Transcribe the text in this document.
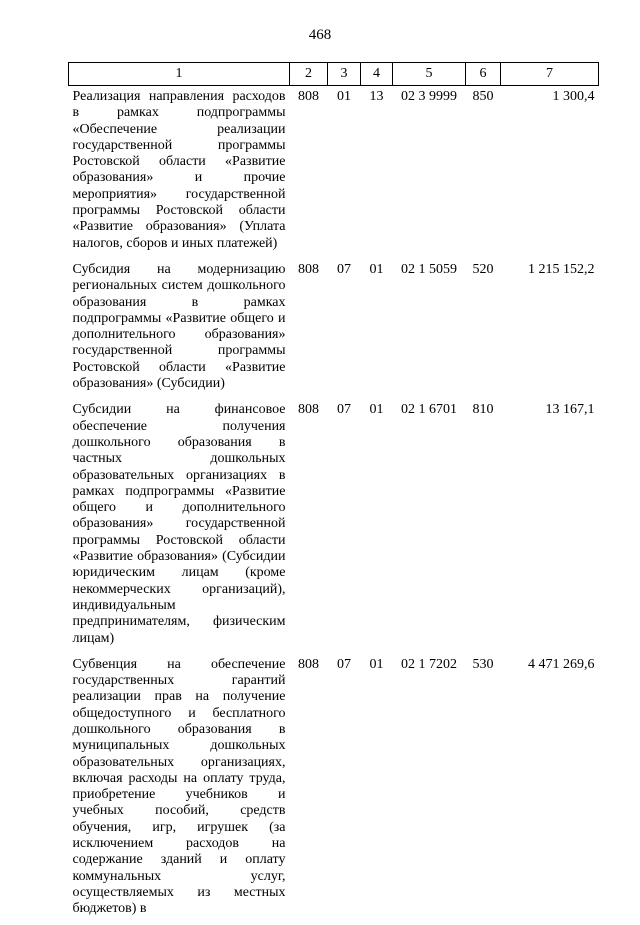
468
1	2	3	4	5	6	7
Реализация направления расходов в рамках подпрограммы «Обеспечение реализации государственной программы Ростовской области «Развитие образования» и прочие мероприятия» государственной программы Ростовской области «Развитие образования» (Уплата налогов, сборов и иных платежей)	808	01	13	02 3 9999	850	1 300,4
Субсидия на модернизацию региональных систем дошкольного образования в рамках подпрограммы «Развитие общего и дополнительного образования» государственной программы Ростовской области «Развитие образования» (Субсидии)	808	07	01	02 1 5059	520	1 215 152,2
Субсидии на финансовое обеспечение получения дошкольного образования в частных дошкольных образовательных организациях в рамках подпрограммы «Развитие общего и дополнительного образования» государственной программы Ростовской области «Развитие образования» (Субсидии юридическим лицам (кроме некоммерческих организаций), индивидуальным предпринимателям, физическим лицам)	808	07	01	02 1 6701	810	13 167,1
Субвенция на обеспечение государственных гарантий реализации прав на получение общедоступного и бесплатного дошкольного образования в муниципальных дошкольных образовательных организациях, включая расходы на оплату труда, приобретение учебников и учебных пособий, средств обучения, игр, игрушек (за исключением расходов на содержание зданий и оплату коммунальных услуг, осуществляемых из местных бюджетов) в	808	07	01	02 1 7202	530	4 471 269,6
